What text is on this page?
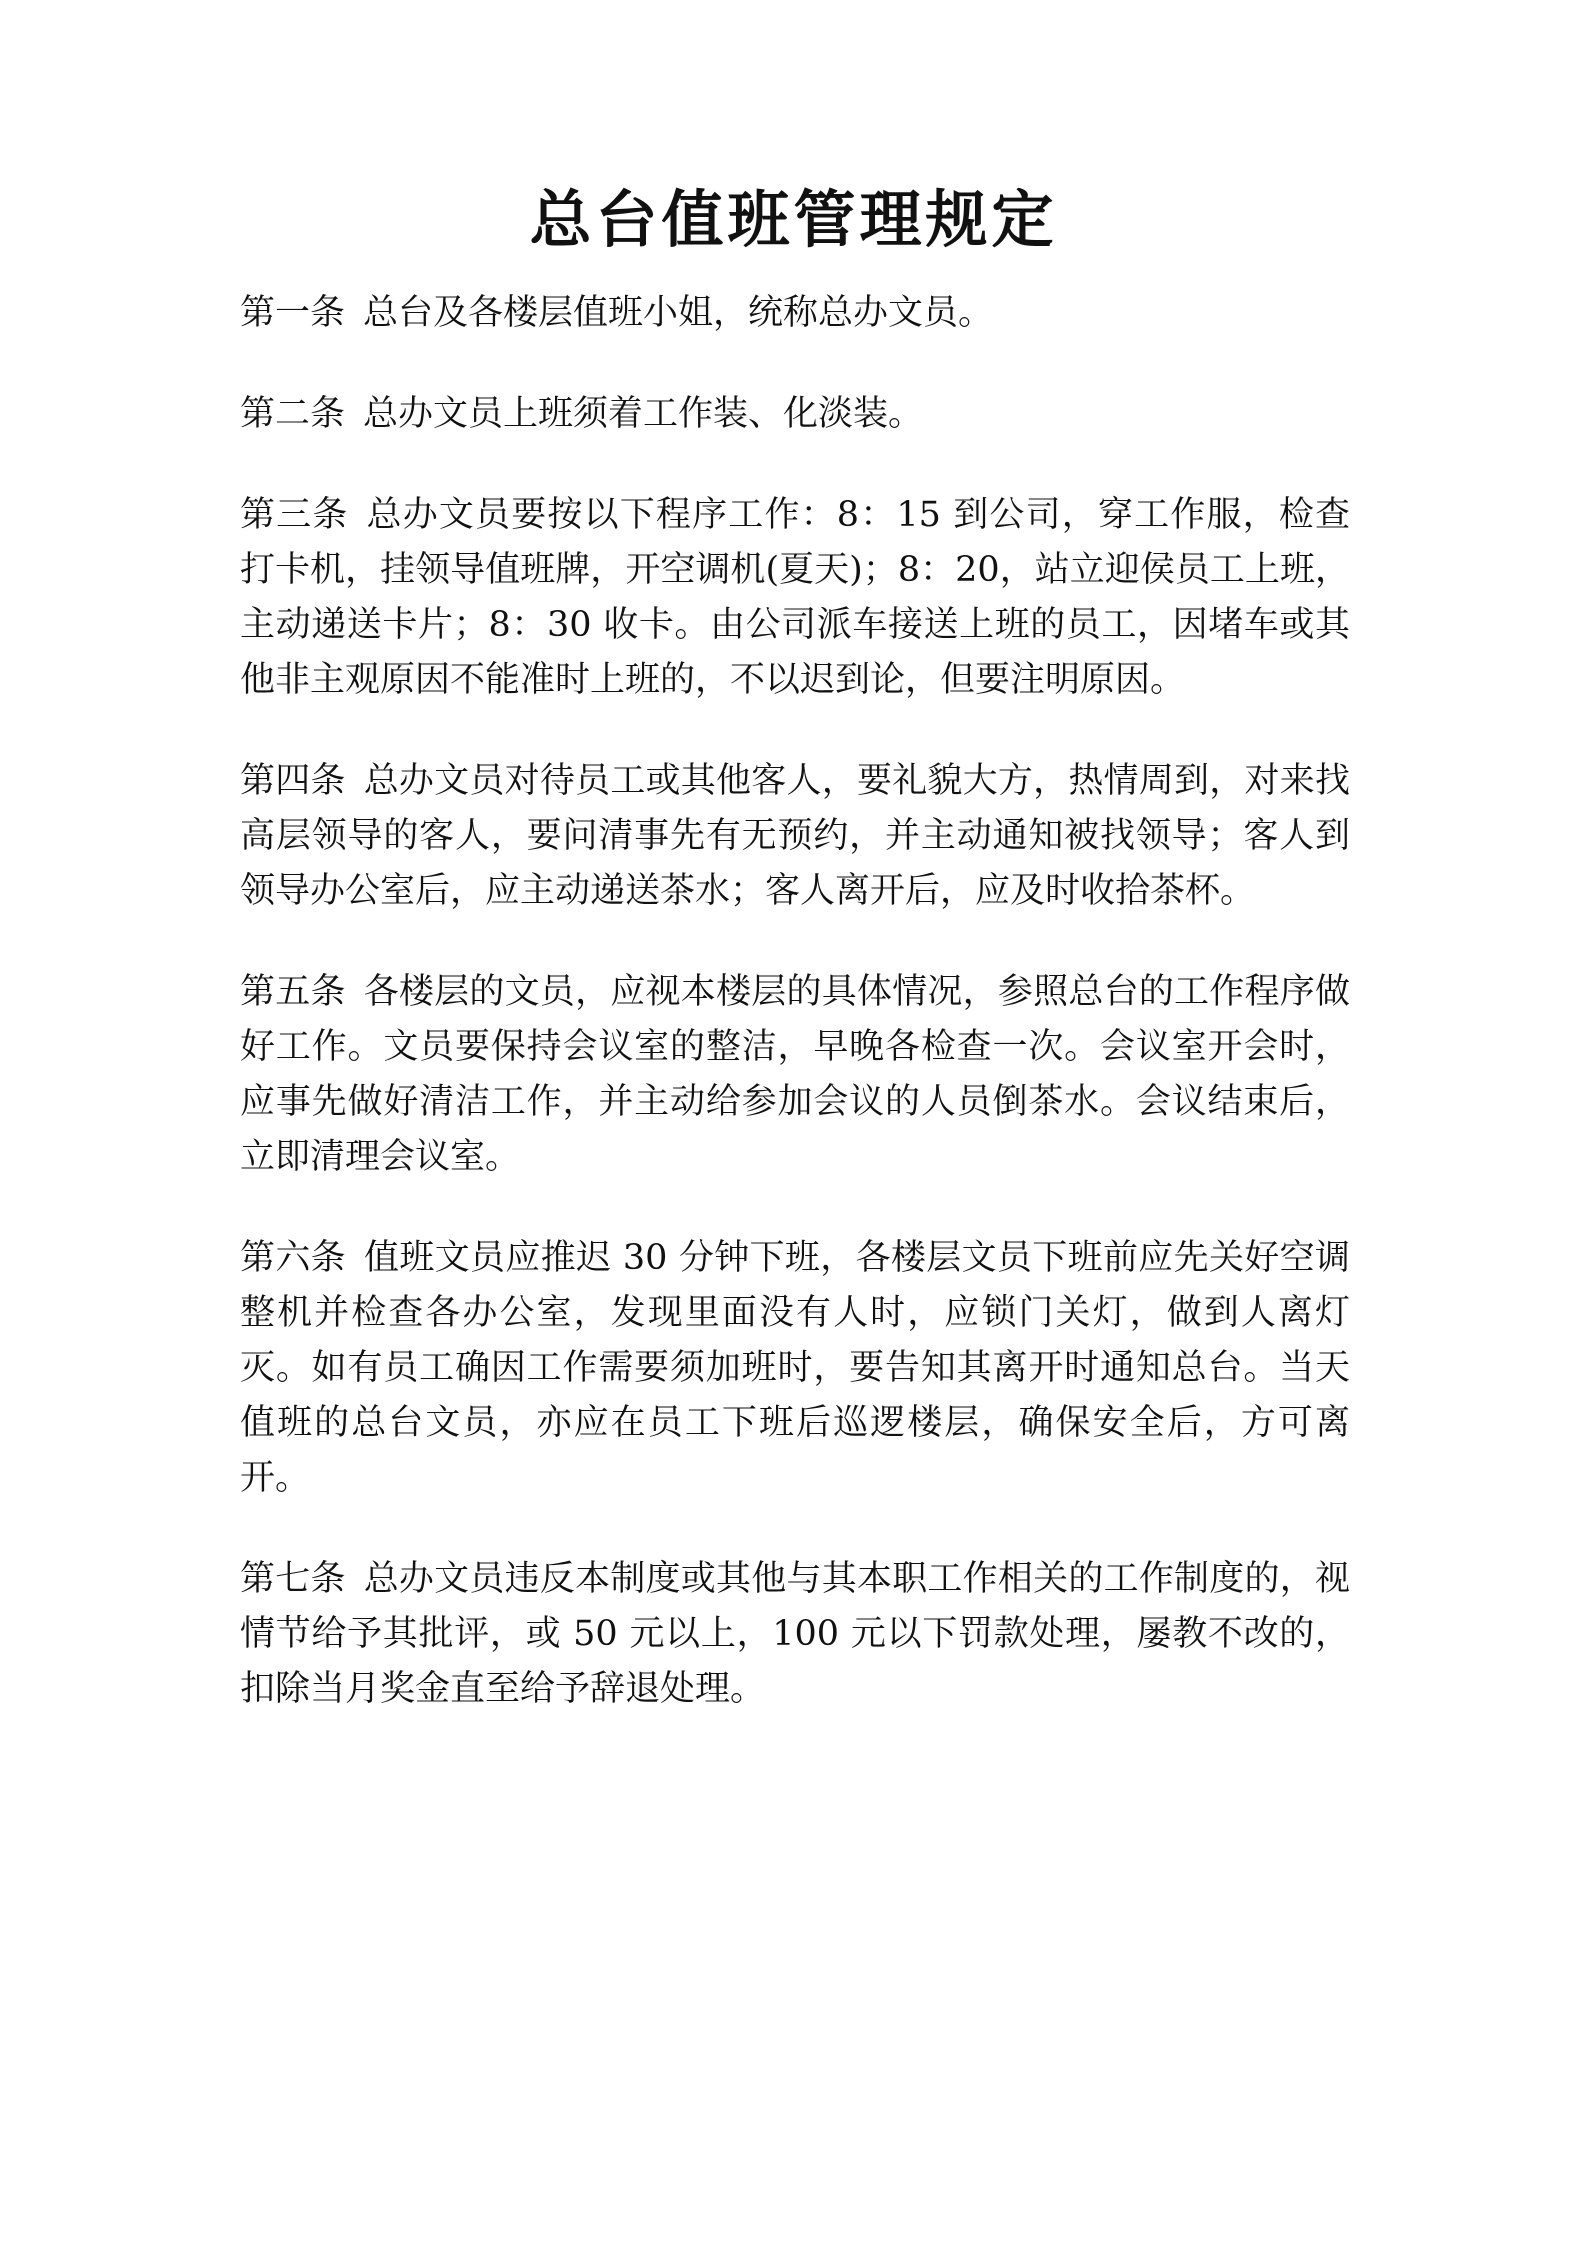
总台值班管理规定

第一条 总台及各楼层值班小姐，统称总办文员。

第二条 总办文员上班须着工作装、化淡装。

第三条 总办文员要按以下程序工作：8：15 到公司，穿工作服，检查打卡机，挂领导值班牌，开空调机(夏天)；8：20，站立迎侯员工上班，主动递送卡片；8：30 收卡。由公司派车接送上班的员工，因堵车或其他非主观原因不能准时上班的，不以迟到论，但要注明原因。

第四条 总办文员对待员工或其他客人，要礼貌大方，热情周到，对来找高层领导的客人，要问清事先有无预约，并主动通知被找领导；客人到领导办公室后，应主动递送茶水；客人离开后，应及时收拾茶杯。

第五条 各楼层的文员，应视本楼层的具体情况，参照总台的工作程序做好工作。文员要保持会议室的整洁，早晚各检查一次。会议室开会时，应事先做好清洁工作，并主动给参加会议的人员倒茶水。会议结束后，立即清理会议室。

第六条 值班文员应推迟 30 分钟下班，各楼层文员下班前应先关好空调整机并检查各办公室，发现里面没有人时，应锁门关灯，做到人离灯灭。如有员工确因工作需要须加班时，要告知其离开时通知总台。当天值班的总台文员，亦应在员工下班后巡逻楼层，确保安全后，方可离开。

第七条 总办文员违反本制度或其他与其本职工作相关的工作制度的，视情节给予其批评，或 50 元以上，100 元以下罚款处理，屡教不改的，扣除当月奖金直至给予辞退处理。
